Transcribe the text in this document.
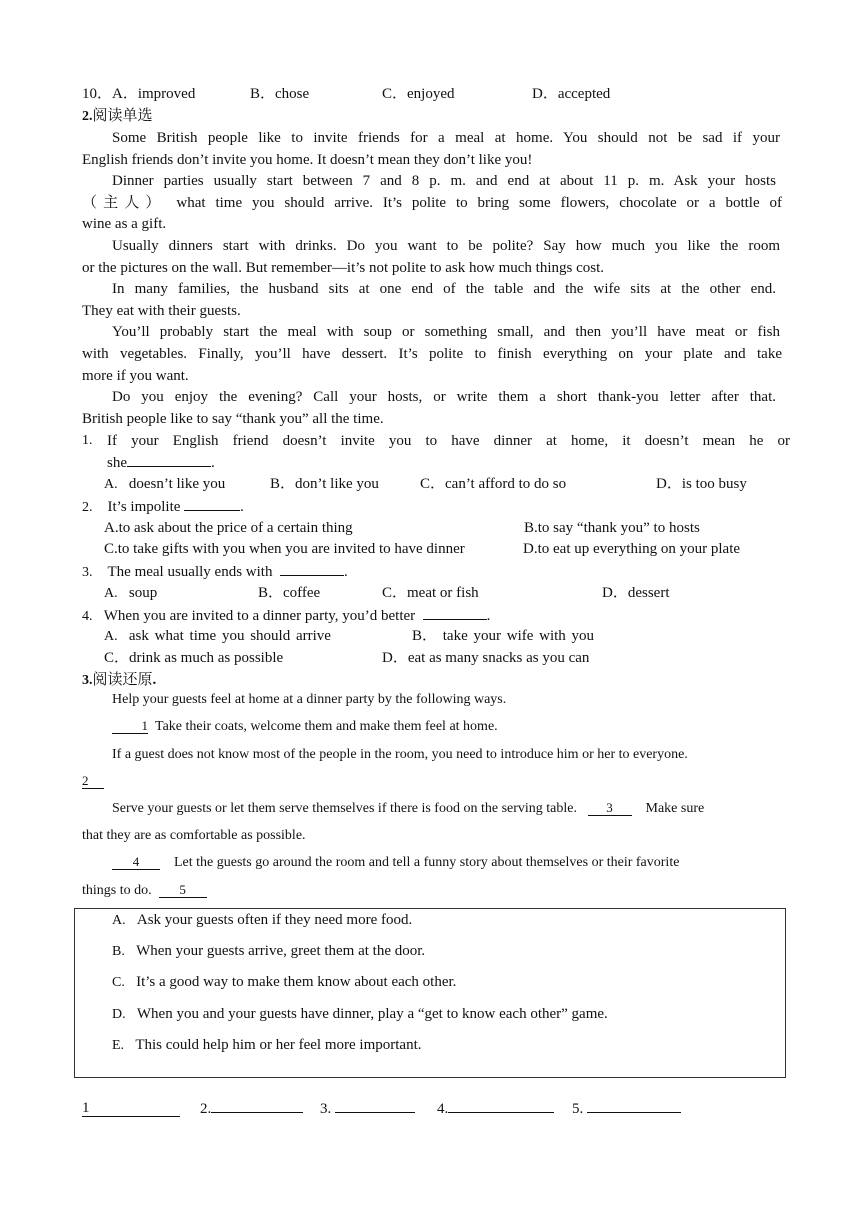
10．A．improved	B．chose	C．enjoyed	D．accepted
2.阅读单选
Some British people like to invite friends for a meal at home. You should not be sad if your
English friends don’t invite you home. It doesn’t mean they don’t like you!
Dinner parties usually start between 7 and 8 p. m. and end at about 11 p. m. Ask your hosts
（主人） what time you should arrive. It’s polite to bring some flowers, chocolate or a bottle of
wine as a gift.
Usually dinners start with drinks. Do you want to be polite? Say how much you like the room
or the pictures on the wall. But remember—it’s not polite to ask how much things cost.
In many families, the husband sits at one end of the table and the wife sits at the other end.
They eat with their guests.
You’ll probably start the meal with soup or something small, and then you’ll have meat or fish
with vegetables. Finally, you’ll have dessert. It’s polite to finish everything on your plate and take
more if you want.
Do you enjoy the evening? Call your hosts, or write them a short thank-you letter after that.
British people like to say “thank you” all the time.
1. If your English friend doesn’t invite you to have dinner at home, it doesn’t mean he or
she	.
A. doesn’t like you	B．don’t like you	C．can’t afford to do so	D．is too busy
2. It’s impolite	.
A.to ask about the price of a certain thing	B.to say “thank you” to hosts
C.to take gifts with you when you are invited to have dinner	D.to eat up everything on your plate
3. The meal usually ends with	.
A. soup	B．coffee	C．meat or fish	D．dessert
4. When you are invited to a dinner party, you’d better	.
A. ask what time you should arrive	B． take your wife with you
C．drink as much as possible	D．eat as many snacks as you can
3.阅读还原.
Help your guests feel at home at a dinner party by the following ways.
1 Take their coats, welcome them and make them feel at home.
If a guest does not know most of the people in the room, you need to introduce him or her to everyone.
2
Serve your guests or let them serve themselves if there is food on the serving table. 3 Make sure
that they are as comfortable as possible.
4 Let the guests go around the room and tell a funny story about themselves or their favorite
things to do. 5
A. Ask your guests often if they need more food.
B. When your guests arrive, greet them at the door.
C. It’s a good way to make them know about each other.
D. When you and your guests have dinner, play a “get to know each other” game.
E. This could help him or her feel more important.
1	2.	3.	4.	5.
